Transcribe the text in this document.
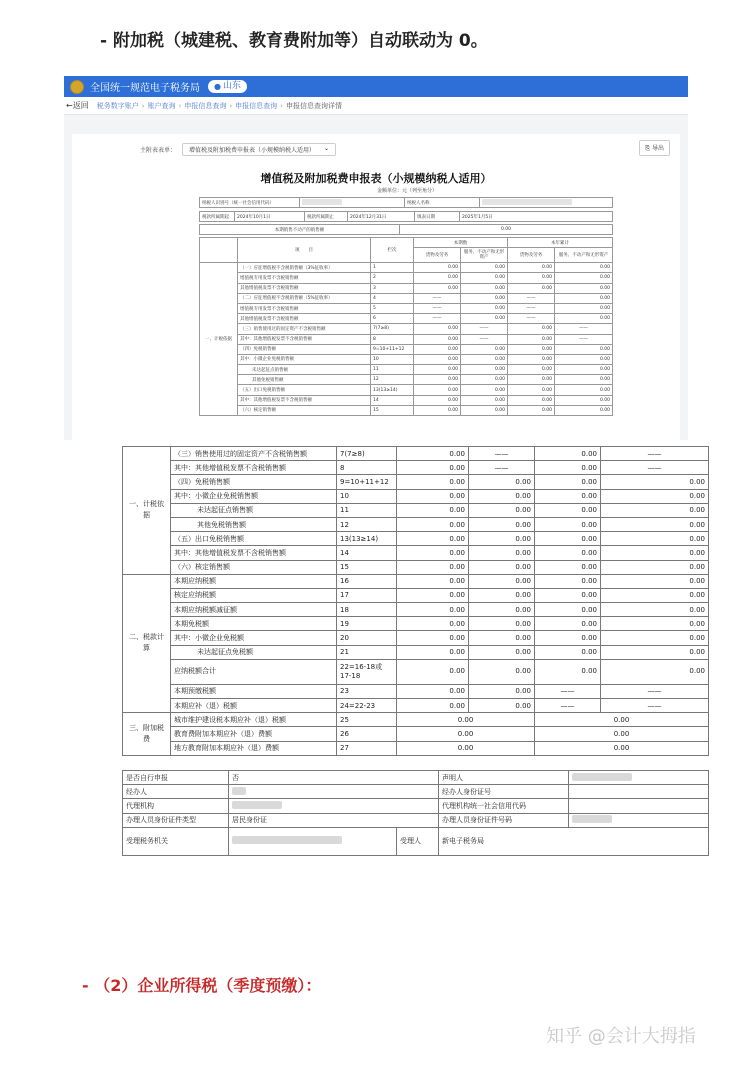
- 附加税（城建税、教育费附加等）自动联动为 0。
全国统一规范电子税务局 ● 山东
←返回 税务数字账户 › 账户查询 › 申报信息查询 › 申报信息查询 › 申报信息查询详情
主附表表单： 增值税及附加税费申报表（小规模纳税人适用） ⌄	⎘ 导出
增值税及附加税费申报表（小规模纳税人适用）
金额单位：元（列至角分）
纳税人识别号（统一社会信用代码）		纳税人名称	
税款所属期起	2024年10月1日	税款所属期止	2024年12月31日	填表日期	2025年1月5日
本期销售不动产的销售额	0.00
	项　　目	栏次	本期数		本年累计	
			货物及劳务	服务、不动产和无形资产	货物及劳务	服务、不动产和无形资产
一、计税依据	（一）应征增值税不含税销售额（3%征收率）	1	0.00	0.00	0.00	0.00
	增值税专用发票不含税销售额	2	0.00	0.00	0.00	0.00
	其他增值税发票不含税销售额	3	0.00	0.00	0.00	0.00
	（二）应征增值税不含税销售额（5%征收率）	4	——	0.00	——	0.00
	增值税专用发票不含税销售额	5	——	0.00	——	0.00
	其他增值税发票不含税销售额	6	——	0.00	——	0.00
	（三）销售使用过的固定资产不含税销售额	7(7≥8)	0.00	——	0.00	——
	其中：其他增值税发票不含税销售额	8	0.00	——	0.00	——
	（四）免税销售额	9=10+11+12	0.00	0.00	0.00	0.00
	其中：小微企业免税销售额	10	0.00	0.00	0.00	0.00
	未达起征点销售额	11	0.00	0.00	0.00	0.00
	其他免税销售额	12	0.00	0.00	0.00	0.00
	（五）出口免税销售额	13(13≥14)	0.00	0.00	0.00	0.00
	其中：其他增值税发票不含税销售额	14	0.00	0.00	0.00	0.00
	（六）核定销售额	15	0.00	0.00	0.00	0.00
一、计税依据	（三）销售使用过的固定资产不含税销售额	7(7≥8)	0.00	——	0.00	——
	其中：其他增值税发票不含税销售额	8	0.00	——	0.00	——
	（四）免税销售额	9=10+11+12	0.00	0.00	0.00	0.00
	其中：小微企业免税销售额	10	0.00	0.00	0.00	0.00
	未达起征点销售额	11	0.00	0.00	0.00	0.00
	其他免税销售额	12	0.00	0.00	0.00	0.00
	（五）出口免税销售额	13(13≥14)	0.00	0.00	0.00	0.00
	其中：其他增值税发票不含税销售额	14	0.00	0.00	0.00	0.00
	（六）核定销售额	15	0.00	0.00	0.00	0.00
二、税款计算	本期应纳税额	16	0.00	0.00	0.00	0.00
	核定应纳税额	17	0.00	0.00	0.00	0.00
	本期应纳税额减征额	18	0.00	0.00	0.00	0.00
	本期免税额	19	0.00	0.00	0.00	0.00
	其中：小微企业免税额	20	0.00	0.00	0.00	0.00
	未达起征点免税额	21	0.00	0.00	0.00	0.00
	应纳税额合计	22=16-18或17-18	0.00	0.00	0.00	0.00
	本期预缴税额	23	0.00	0.00	——	——
	本期应补（退）税额	24=22-23	0.00	0.00	——	——
三、附加税费	城市维护建设税本期应补（退）税额	25	0.00		0.00	
	教育费附加本期应补（退）费额	26	0.00		0.00	
	地方教育附加本期应补（退）费额	27	0.00		0.00	
是否自行申报	否		声明人	
经办人			经办人身份证号	
代理机构			代理机构统一社会信用代码	
办理人员身份证件类型	居民身份证		办理人员身份证件号码	
受理税务机关		受理人	新电子税务局	
- （2）企业所得税（季度预缴）：
知乎 @会计大拇指
